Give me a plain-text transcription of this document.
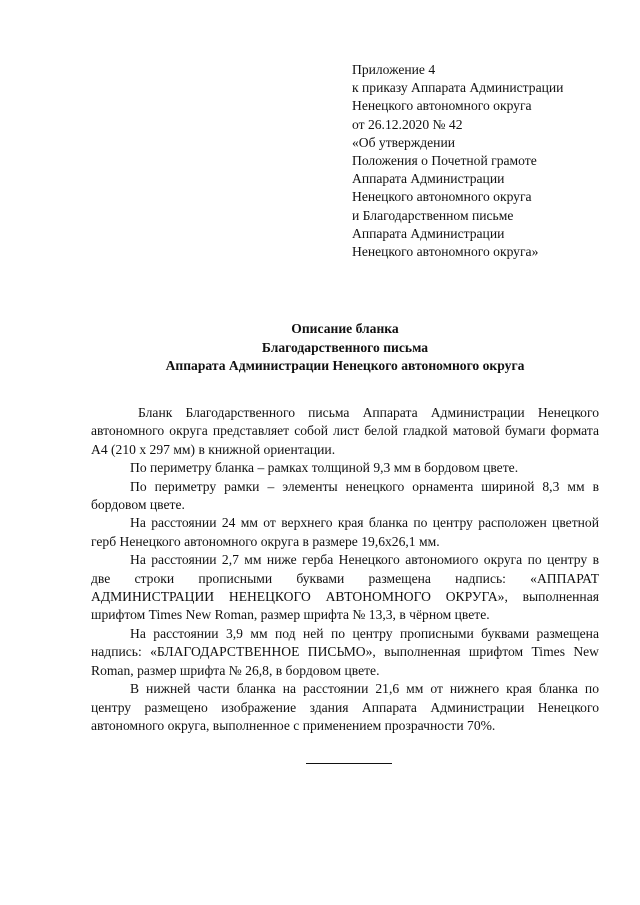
Приложение 4
к приказу Аппарата Администрации
Ненецкого автономного округа
от 26.12.2020 № 42
«Об утверждении
Положения о Почетной грамоте
Аппарата Администрации
Ненецкого автономного округа
и Благодарственном письме
Аппарата Администрации
Ненецкого автономного округа»
Описание бланка
Благодарственного письма
Аппарата Администрации Ненецкого автономного округа

Бланк Благодарственного письма Аппарата Администрации Ненецкого автономного округа представляет собой лист белой гладкой матовой бумаги формата А4 (210 х 297 мм) в книжной ориентации.

По периметру бланка – рамках толщиной 9,3 мм в бордовом цвете.

По периметру рамки – элементы ненецкого орнамента шириной 8,3 мм в бордовом цвете.

На расстоянии 24 мм от верхнего края бланка по центру расположен цветной герб Ненецкого автономного округа в размере 19,6х26,1 мм.

На расстоянии 2,7 мм ниже герба Ненецкого автономиого округа по центру в две строки прописными буквами размещена надпись: «АППАРАТ АДМИНИСТРАЦИИ НЕНЕЦКОГО АВТОНОМНОГО ОКРУГА», выполненная шрифтом Times New Roman, размер шрифта № 13,3, в чёрном цвете.

На расстоянии 3,9 мм под ней по центру прописными буквами размещена надпись: «БЛАГОДАРСТВЕННОЕ ПИСЬМО», выполненная шрифтом Times New Roman, размер шрифта № 26,8, в бордовом цвете.

В нижней части бланка на расстоянии 21,6 мм от нижнего края бланка по центру размещено изображение здания Аппарата Администрации Ненецкого автономного округа, выполненное с применением прозрачности 70%.
